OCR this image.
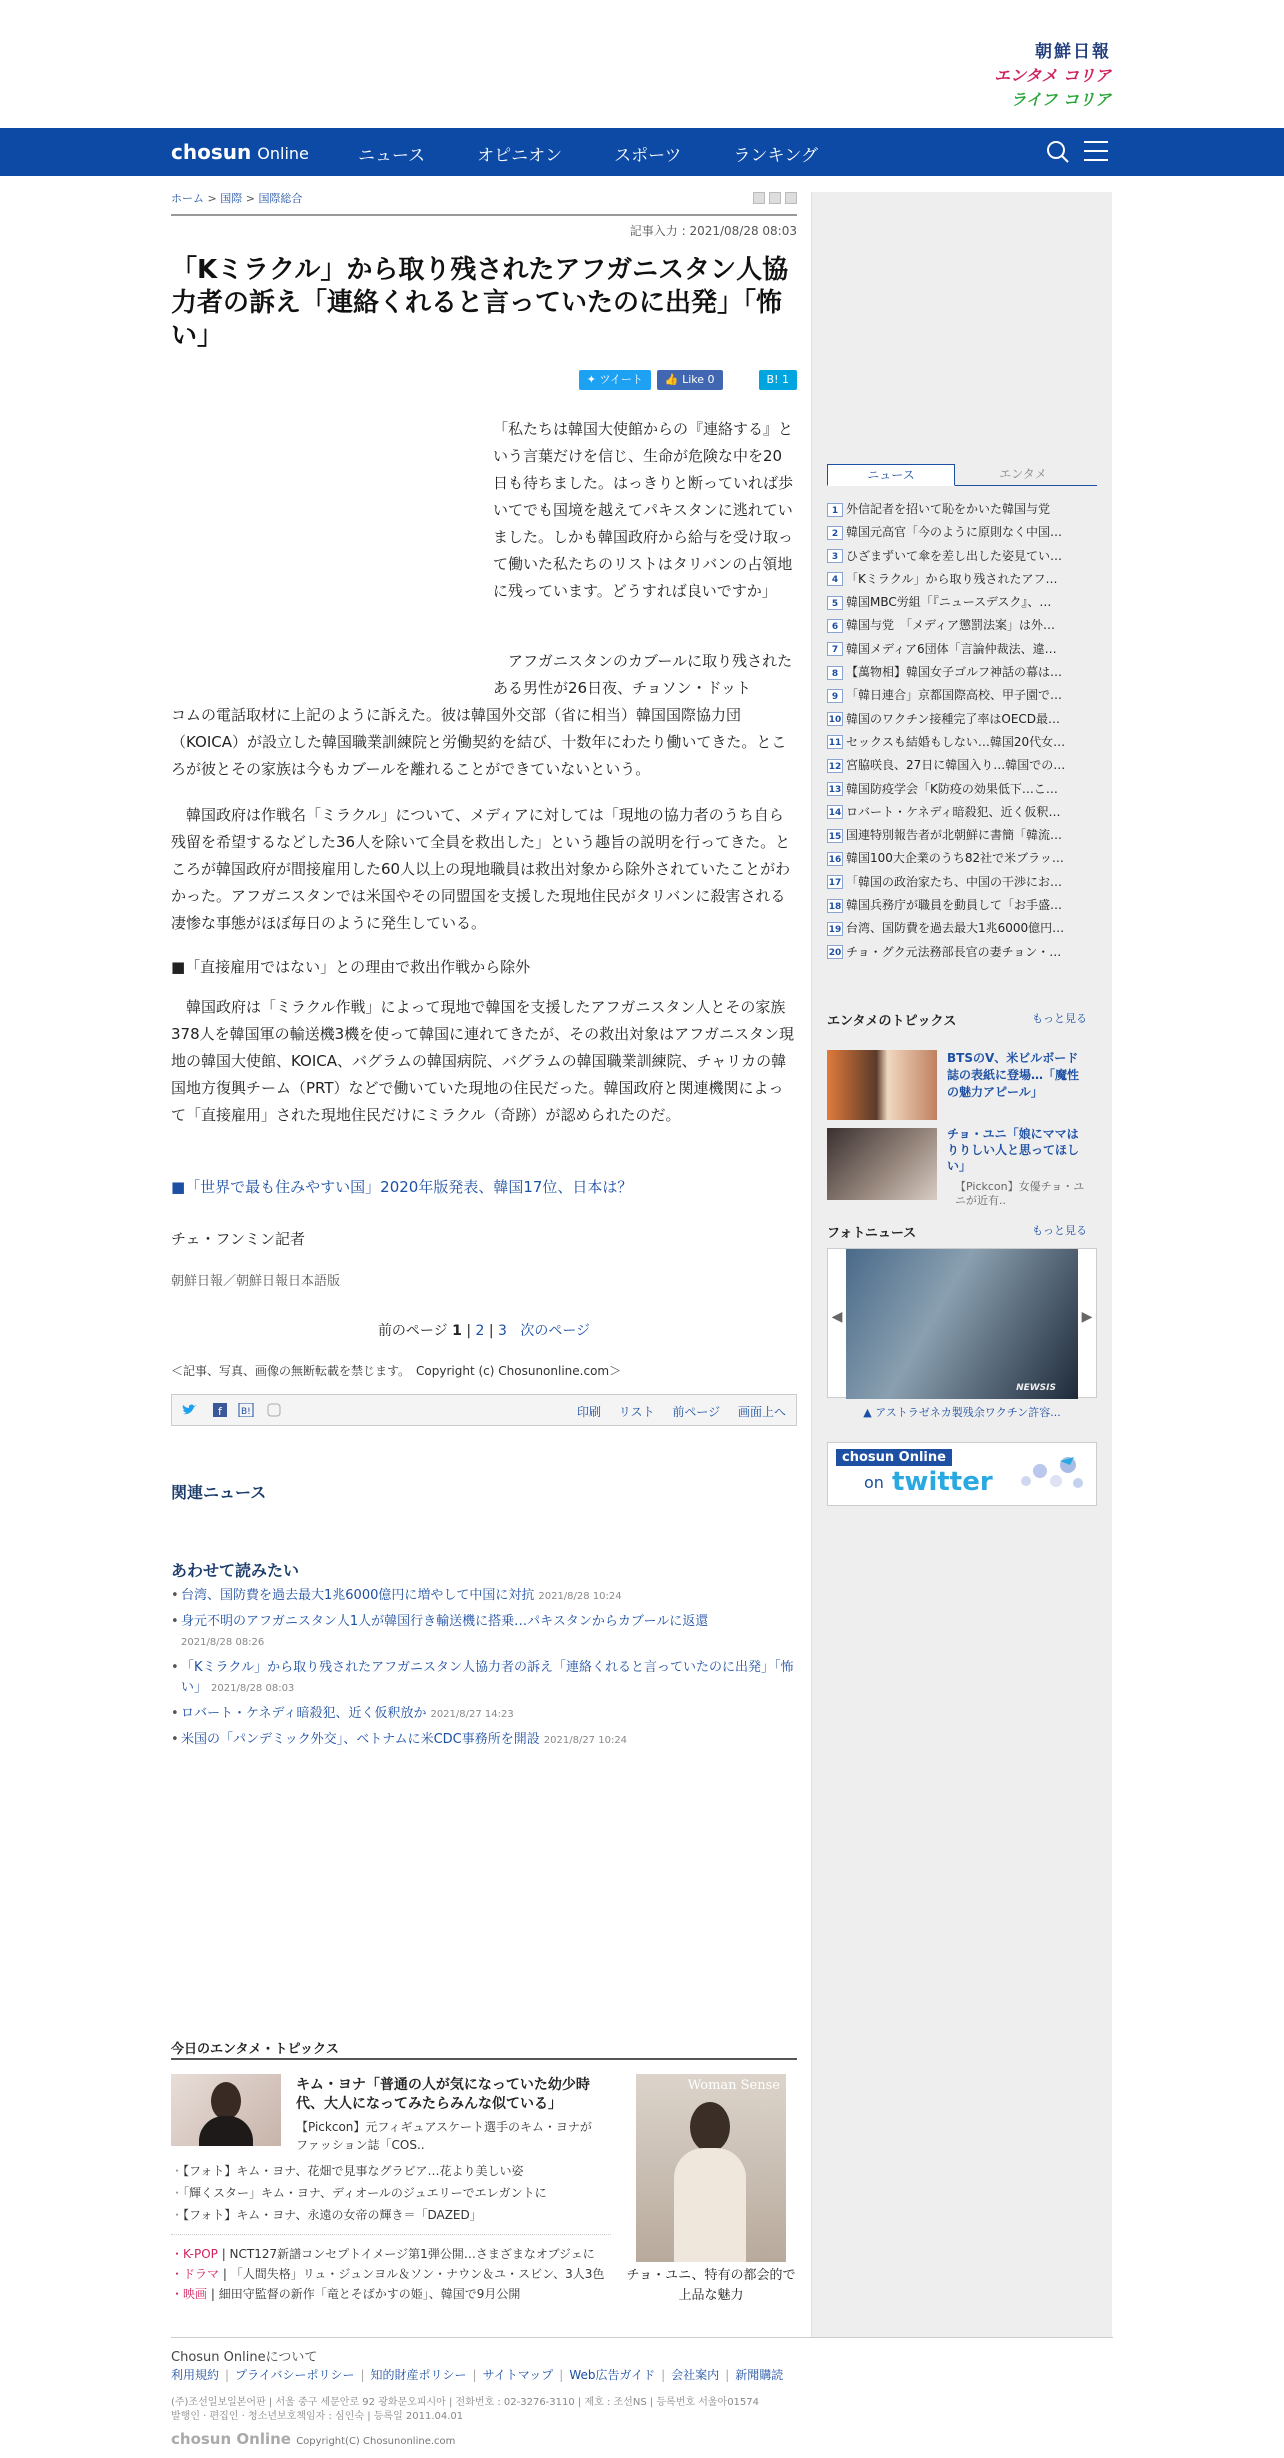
朝鮮日報
エンタメ コリア
ライフ コリア
chosun Online	ニュース	オピニオン	スポーツ	ランキング
ホーム > 国際 > 国際総合
記事入力 : 2021/08/28 08:03
「Kミラクル」から取り残されたアフガニスタン人協力者の訴え「連絡くれると言っていたのに出発」「怖い」
✦ ツイート	👍 Like 0	B! 1

「私たちは韓国大使館からの『連絡する』という言葉だけを信じ、生命が危険な中を20日も待ちました。はっきりと断っていれば歩いてでも国境を越えてパキスタンに逃れていました。しかも韓国政府から給与を受け取って働いた私たちのリストはタリバンの占領地に残っています。どうすれば良いですか」

アフガニスタンのカブールに取り残されたある男性が26日夜、チョソン・ドット

コムの電話取材に上記のように訴えた。彼は韓国外交部（省に相当）韓国国際協力団（KOICA）が設立した韓国職業訓練院と労働契約を結び、十数年にわたり働いてきた。ところが彼とその家族は今もカブールを離れることができていないという。

韓国政府は作戦名「ミラクル」について、メディアに対しては「現地の協力者のうち自ら残留を希望するなどした36人を除いて全員を救出した」という趣旨の説明を行ってきた。ところが韓国政府が間接雇用した60人以上の現地職員は救出対象から除外されていたことがわかった。アフガニスタンでは米国やその同盟国を支援した現地住民がタリバンに殺害される凄惨な事態がほぼ毎日のように発生している。

■「直接雇用ではない」との理由で救出作戦から除外

韓国政府は「ミラクル作戦」によって現地で韓国を支援したアフガニスタン人とその家族378人を韓国軍の輸送機3機を使って韓国に連れてきたが、その救出対象はアフガニスタン現地の韓国大使館、KOICA、バグラムの韓国病院、バグラムの韓国職業訓練院、チャリカの韓国地方復興チーム（PRT）などで働いていた現地の住民だった。韓国政府と関連機関によって「直接雇用」された現地住民だけにミラクル（奇跡）が認められたのだ。

■「世界で最も住みやすい国」2020年版発表、韓国17位、日本は？
チェ・フンミン記者
朝鮮日報／朝鮮日報日本語版
前のページ 1 | 2 | 3 次のページ
＜記事、写真、画像の無断転載を禁じます。　Copyright (c) Chosunonline.com＞
f B!	印刷 リスト 前ページ 画面上へ
関連ニュース
あわせて読みたい
• 台湾、国防費を過去最大1兆6000億円に増やして中国に対抗 2021/8/28 10:24
• 身元不明のアフガニスタン人1人が韓国行き輸送機に搭乗…パキスタンからカブールに返還
2021/8/28 08:26
• 「Kミラクル」から取り残されたアフガニスタン人協力者の訴え「連絡くれると言っていたのに出発」「怖い」 2021/8/28 08:03
• ロバート・ケネディ暗殺犯、近く仮釈放か 2021/8/27 14:23
• 米国の「パンデミック外交」、ベトナムに米CDC事務所を開設 2021/8/27 10:24
今日のエンタメ・トピックス
キム・ヨナ「普通の人が気になっていた幼少時代、大人になってみたらみんな似ている」
【Pickcon】元フィギュアスケート選手のキム・ヨナがファッション誌「COS..
・ 【フォト】キム・ヨナ、花畑で見事なグラビア…花より美しい姿
・ 「輝くスター」キム・ヨナ、ディオールのジュエリーでエレガントに
・ 【フォト】キム・ヨナ、永遠の女帝の輝き＝「DAZED」
・ K-POP | NCT127新譜コンセプトイメージ第1弾公開…さまざまなオブジェに
・ ドラマ | 「人間失格」リュ・ジュンヨル＆ソン・ナウン＆ユ・スビン、3人3色
・ 映画 | 細田守監督の新作「竜とそばかすの姫」、韓国で9月公開
Woman Sense
チョ・ユニ、特有の都会的で上品な魅力
ニュース	エンタメ
1 外信記者を招いて恥をかいた韓国与党
2 韓国元高官「今のように原則なく中国…
3 ひざまずいて傘を差し出した姿見てい…
4 「Kミラクル」から取り残されたアフ…
5 韓国MBC労組「『ニュースデスク』、…
6 韓国与党　「メディア懲罰法案」は外…
7 韓国メディア6団体「言論仲裁法、違…
8 【萬物相】韓国女子ゴルフ神話の幕は…
9 「韓日連合」京都国際高校、甲子園で…
10 韓国のワクチン接種完了率はOECD最…
11 セックスも結婚もしない…韓国20代女…
12 宮脇咲良、27日に韓国入り…韓国での…
13 韓国防疫学会「K防疫の効果低下…こ…
14 ロバート・ケネディ暗殺犯、近く仮釈…
15 国連特別報告者が北朝鮮に書簡「韓流…
16 韓国100大企業のうち82社で米ブラッ…
17 「韓国の政治家たち、中国の干渉にお…
18 韓国兵務庁が職員を動員して「お手盛…
19 台湾、国防費を過去最大1兆6000億円…
20 チョ・グク元法務部長官の妻チョン・…
エンタメのトピックス	もっと見る
BTSのV、米ビルボード誌の表紙に登場…「魔性の魅力アピール」
チョ・ユニ「娘にママはりりしい人と思ってほしい」
【Pickcon】女優チョ・ユニが近有..
フォトニュース	もっと見る
◀
NEWSIS
▶
▲ アストラゼネカ製残余ワクチン許容...
chosun Online
on twitter
Chosun Onlineについて
利用規約 | プライバシーポリシー | 知的財産ポリシー | サイトマップ | Web広告ガイド | 会社案内 | 新聞購読
(주)조선일보일본어판 | 서울 중구 세문안로 92 광화문오피시아 | 전화번호 : 02-3276-3110 | 제호 : 조선NS | 등록번호 서울아01574
발행인 · 편집인 · 청소년보호책임자 : 심인숙 | 등록일 2011.04.01
chosun Online Copyright(C) Chosunonline.com
